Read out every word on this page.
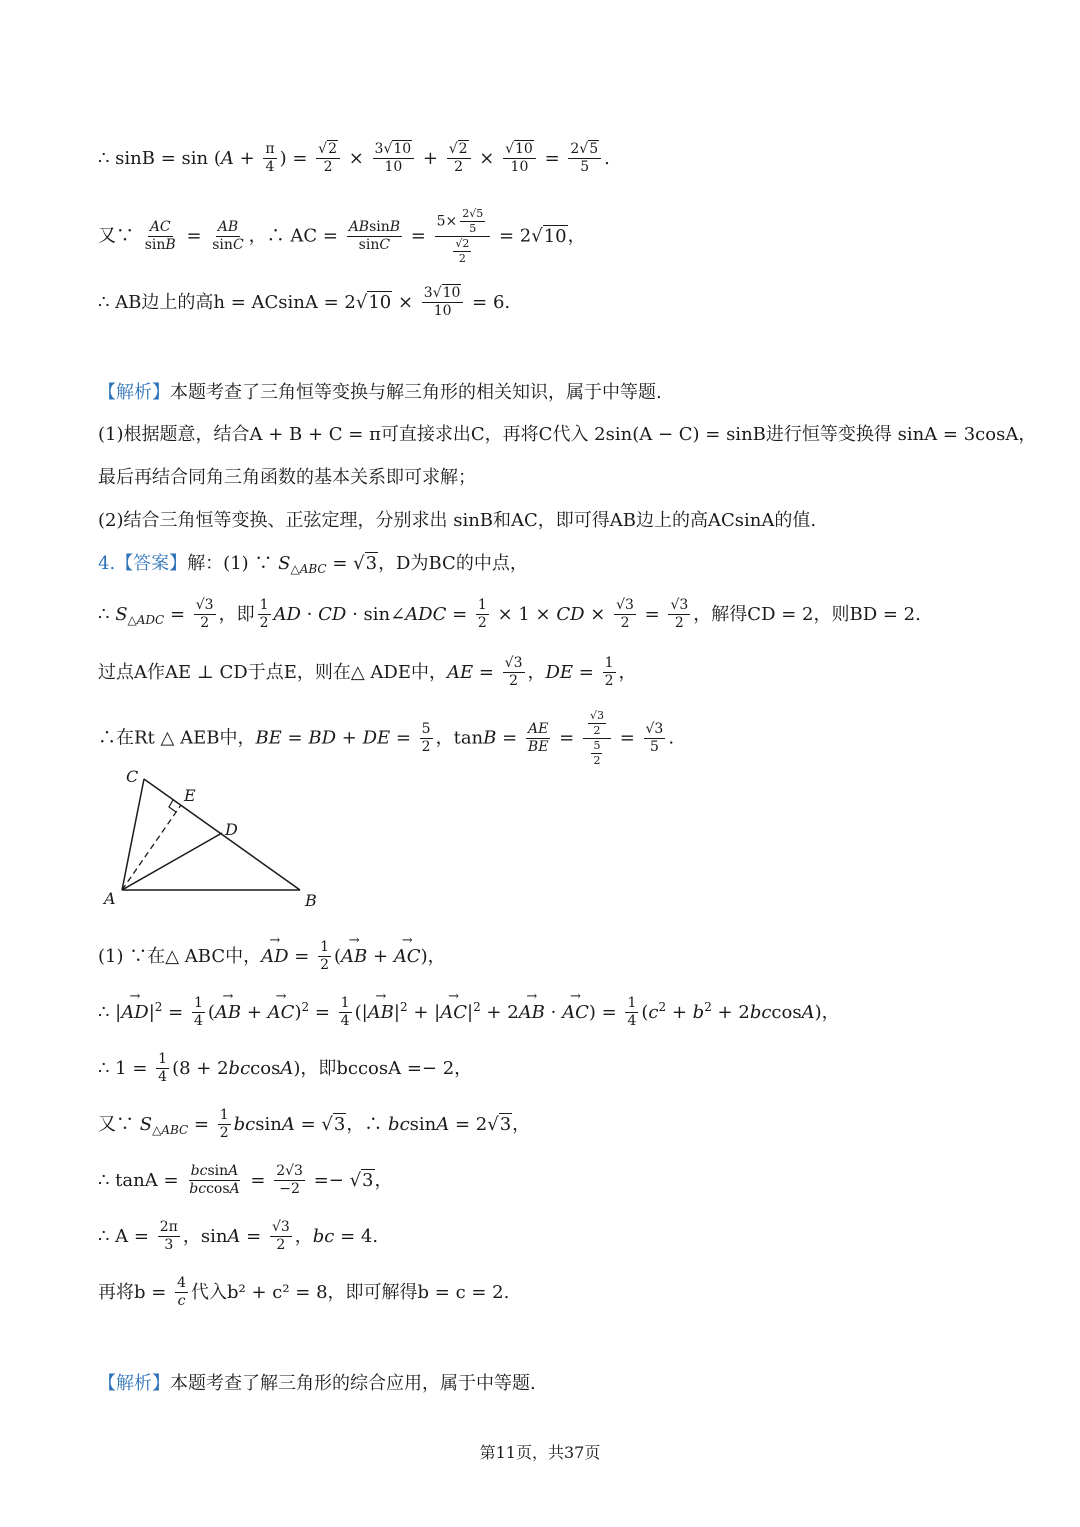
∴ $\sin B = \sin (A + \frac{\pi}{4}$ ) = $\frac{√2}{2} \times \frac{3√10}{10} + \frac{√2}{2} \times \frac{√10}{10} = \frac{2√5}{5}$ .
又∵ $\frac{AC}{\sin B} = \frac{AB}{\sin C}$ ，∴ AC = $\frac{ABsinB}{\sin C} = \frac{5\times \frac{2√5}{5}}{\frac{√2}{2}} = 2√10$，
∴ AB边上的高$h = ACsinA = 2√10 \times \frac{3√10}{10} = 6$.
【解析】本题考查了三角恒等变换与解三角形的相关知识，属于中等题.
(1)根据题意，结合A + B + C = π可直接求出C，再将C代入 2sin(A − C) = sinB进行恒等变换得 sinA = 3cosA，
最后再结合同角三角函数的基本关系即可求解；
(2)结合三角恒等变换、正弦定理，分别求出 sinB和AC，即可得AB边上的高ACsinA的值.
4.【答案】解：(1) ∵ $S_{\triangle ABC} = √3$，D为BC的中点，
∴ $S_{\triangle ADC} = \frac{√3}{2}$ ，即 $\frac{1}{2}$ AD · CD · sin∠ADC = $\frac{1}{2} \times 1$ × CD × $\frac{√3}{2} = \frac{√3}{2}$ ，解得CD = 2，则BD = 2.
过点A作AE ⊥ CD于点E，则在△ ADE中，AE = $\frac{√3}{2}$ ，DE = $\frac{1}{2}$ ，
∴在Rt △ AEB中，BE = BD + DE = $\frac{5}{2}$ ，$\tan B = \frac{AE}{BE} = \frac{\frac{√3}{2}}{\frac{5}{2}} = \frac{√3}{5}$ .
C
E
D
A	B
(1) ∵在△ ABC中，AD → = $\frac{1}{2} (AB$ → + AC →)，
∴ $|AD \to|^2 = \frac{1}{4} (AB$ → + AC $\to)^2 = \frac{1}{4} (|AB \to|^2 + |AC \to|^2 + 2AB$ → · AC →) = $\frac{1}{4} (c^2 + b^2 + 2bccosA)$，
∴ $1 = \frac{1}{4} (8 + 2bccosA)$，即bccosA =− 2，
又∵ $S_{\triangle ABC} = \frac{1}{2}$ bcsinA = √3，∴ bcsinA = 2√3，
∴ $\tan A = \frac{bcsinA}{bccosA} = \frac{2√3}{-2} =- √3$，
∴ $A = \frac{2\pi}{3}$ ，$\sin A = \frac{√3}{2}$ ，bc = 4.
再将$b = \frac{4}{c}$ 代入b² + c² = 8，即可解得b = c = 2.
【解析】本题考查了解三角形的综合应用，属于中等题.
第11页，共37页
